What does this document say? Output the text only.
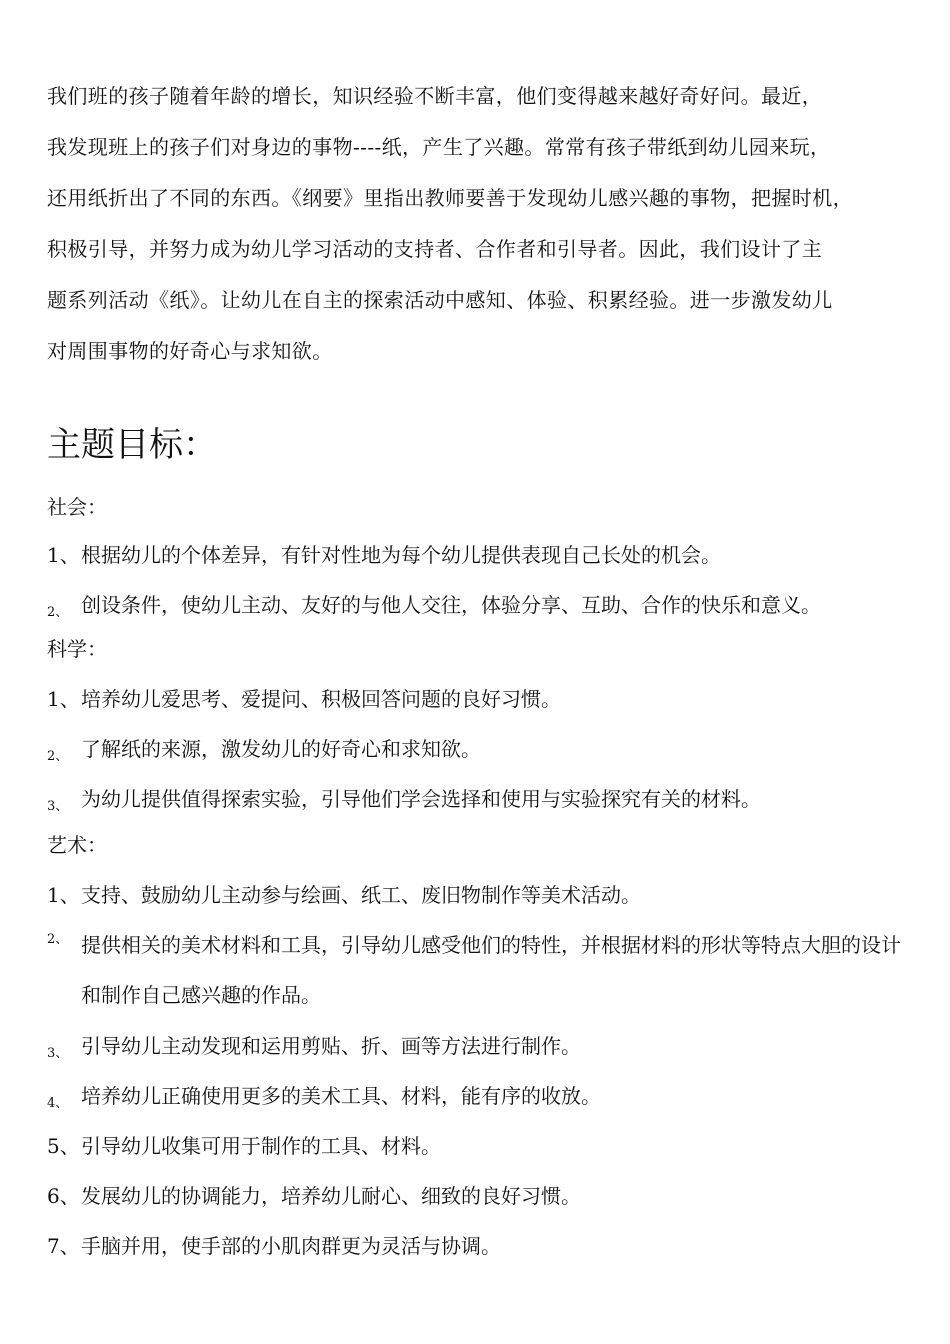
我们班的孩子随着年龄的增长，知识经验不断丰富，他们变得越来越好奇好问。最近，
我发现班上的孩子们对身边的事物----纸，产生了兴趣。常常有孩子带纸到幼儿园来玩，
还用纸折出了不同的东西。《纲要》里指出教师要善于发现幼儿感兴趣的事物，把握时机，
积极引导，并努力成为幼儿学习活动的支持者、合作者和引导者。因此，我们设计了主
题系列活动《纸》。让幼儿在自主的探索活动中感知、体验、积累经验。进一步激发幼儿
对周围事物的好奇心与求知欲。
主题目标：
社会：
1、 根据幼儿的个体差异，有针对性地为每个幼儿提供表现自己长处的机会。
2、 创设条件，使幼儿主动、友好的与他人交往，体验分享、互助、合作的快乐和意义。
科学：
1、 培养幼儿爱思考、爱提问、积极回答问题的良好习惯。
2、 了解纸的来源，激发幼儿的好奇心和求知欲。
3、 为幼儿提供值得探索实验，引导他们学会选择和使用与实验探究有关的材料。
艺术：
1、 支持、鼓励幼儿主动参与绘画、纸工、废旧物制作等美术活动。
2、 提供相关的美术材料和工具，引导幼儿感受他们的特性，并根据材料的形状等特点大胆的设计和制作自己感兴趣的作品。
3、 引导幼儿主动发现和运用剪贴、折、画等方法进行制作。
4、 培养幼儿正确使用更多的美术工具、材料，能有序的收放。
5、 引导幼儿收集可用于制作的工具、材料。
6、 发展幼儿的协调能力，培养幼儿耐心、细致的良好习惯。
7、 手脑并用，使手部的小肌肉群更为灵活与协调。
